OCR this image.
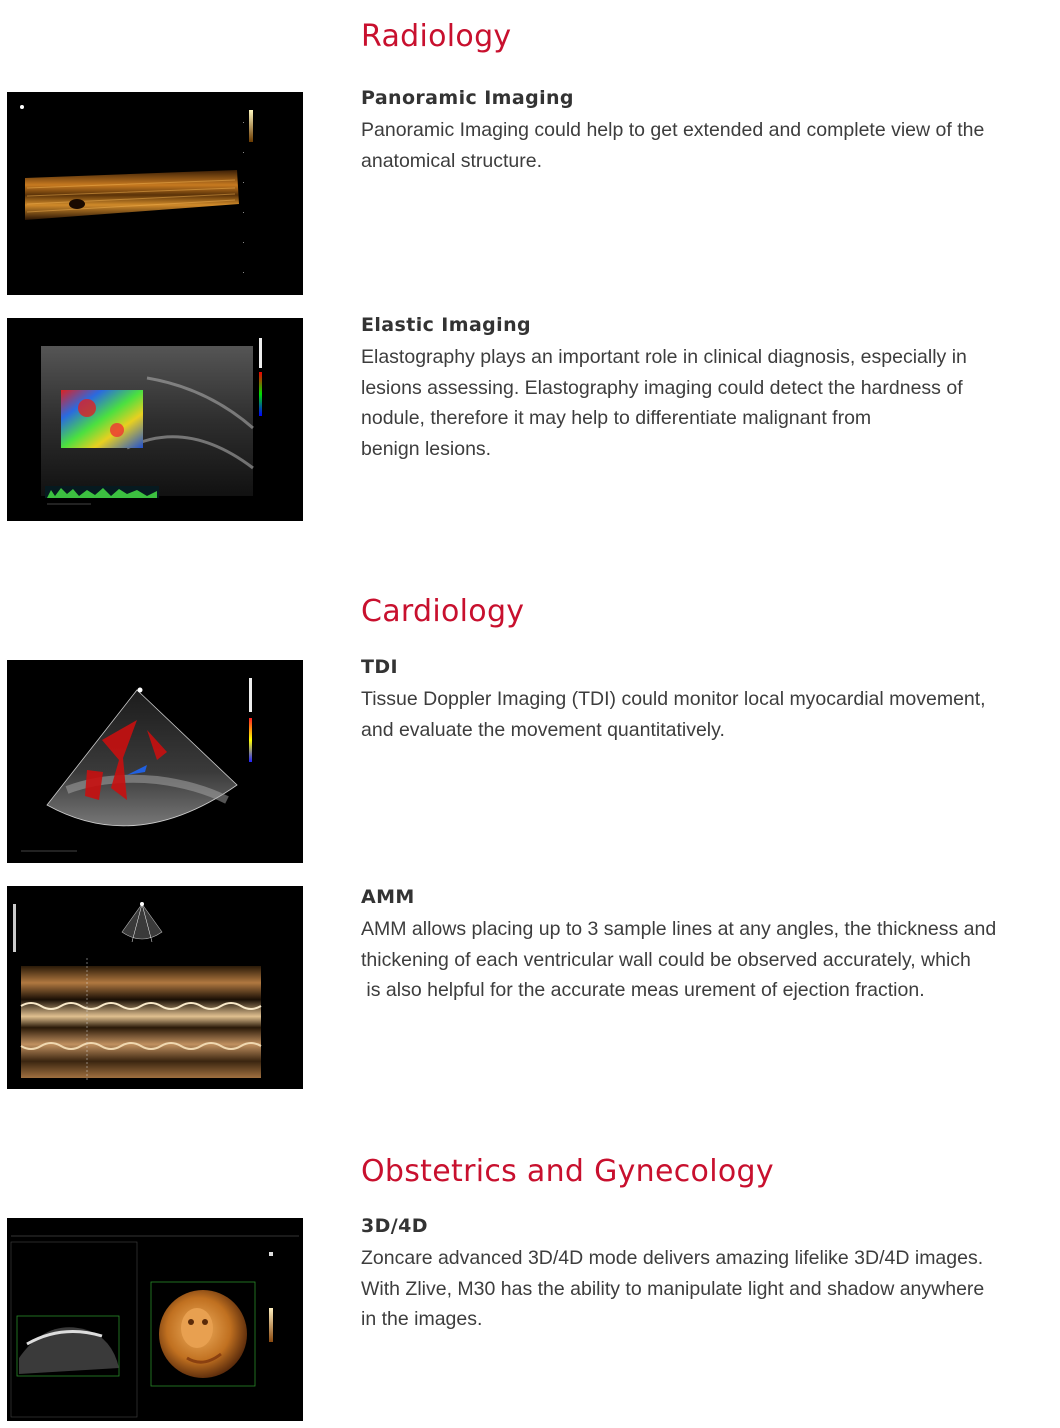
Radiology

Panoramic Imaging

Panoramic Imaging could help to get extended and complete view of the
anatomical structure.

Elastic Imaging

Elastography plays an important role in clinical diagnosis, especially in
lesions assessing. Elastography imaging could detect the hardness of
nodule, therefore it may help to differentiate malignant from
benign lesions.

Cardiology

TDI

Tissue Doppler Imaging (TDI) could monitor local myocardial movement,
and evaluate the movement quantitatively.

AMM

AMM allows placing up to 3 sample lines at any angles, the thickness and
thickening of each ventricular wall could be observed accurately, which
is also helpful for the accurate meas urement of ejection fraction.

Obstetrics and Gynecology

3D/4D

Zoncare advanced 3D/4D mode delivers amazing lifelike 3D/4D images.
With Zlive, M30 has the ability to manipulate light and shadow anywhere
in the images.
